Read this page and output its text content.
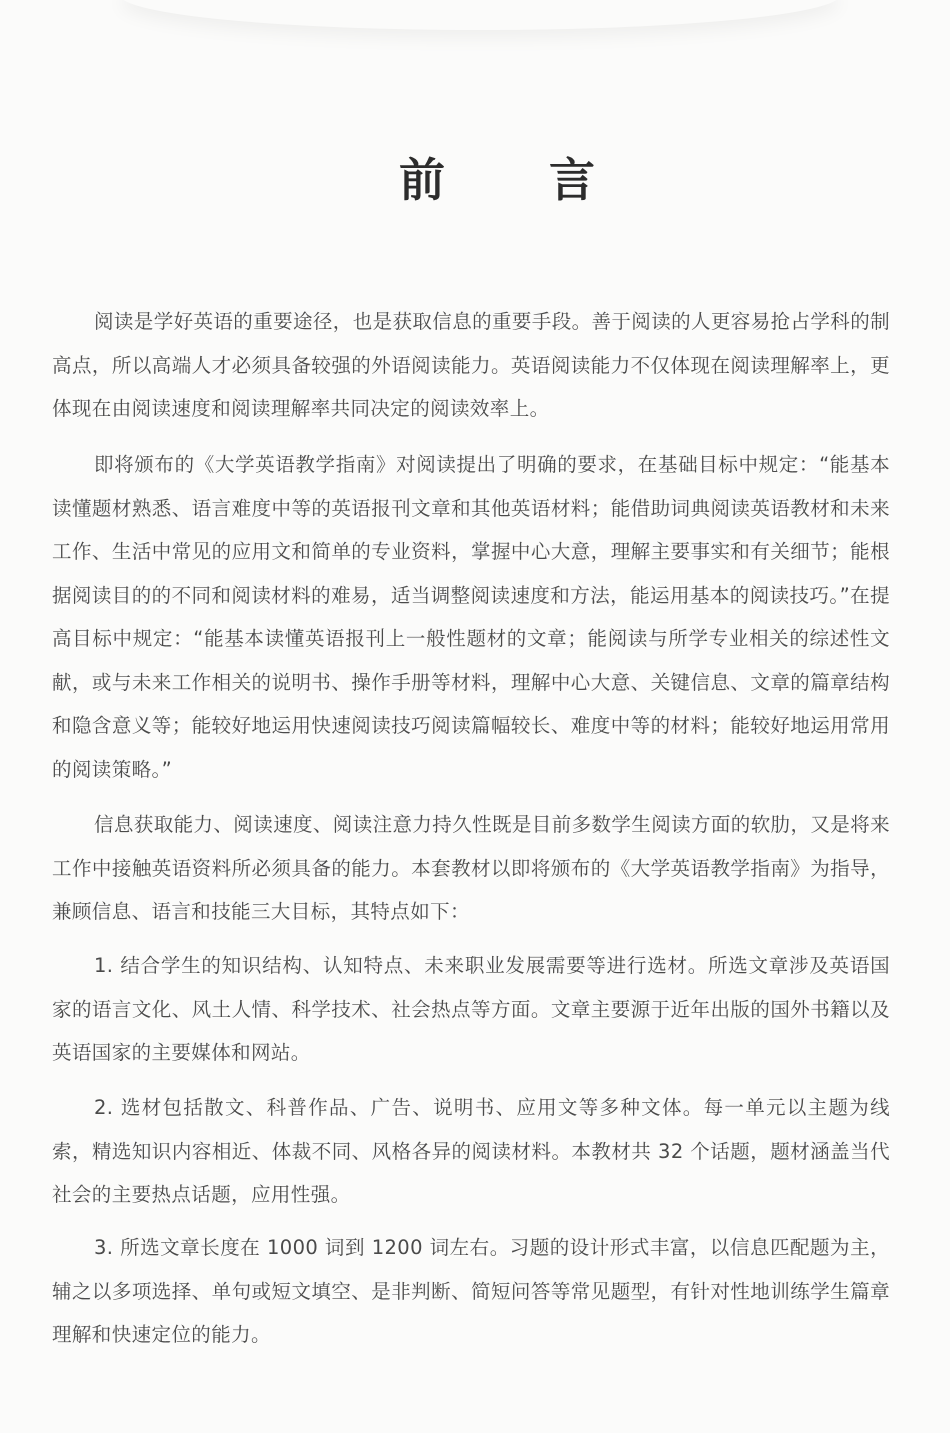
前 言

阅读是学好英语的重要途径，也是获取信息的重要手段。善于阅读的人更容易抢占学科的制高点，所以高端人才必须具备较强的外语阅读能力。英语阅读能力不仅体现在阅读理解率上，更体现在由阅读速度和阅读理解率共同决定的阅读效率上。

即将颁布的《大学英语教学指南》对阅读提出了明确的要求，在基础目标中规定：“能基本读懂题材熟悉、语言难度中等的英语报刊文章和其他英语材料；能借助词典阅读英语教材和未来工作、生活中常见的应用文和简单的专业资料，掌握中心大意，理解主要事实和有关细节；能根据阅读目的的不同和阅读材料的难易，适当调整阅读速度和方法，能运用基本的阅读技巧。”在提高目标中规定：“能基本读懂英语报刊上一般性题材的文章；能阅读与所学专业相关的综述性文献，或与未来工作相关的说明书、操作手册等材料，理解中心大意、关键信息、文章的篇章结构和隐含意义等；能较好地运用快速阅读技巧阅读篇幅较长、难度中等的材料；能较好地运用常用的阅读策略。”

信息获取能力、阅读速度、阅读注意力持久性既是目前多数学生阅读方面的软肋，又是将来工作中接触英语资料所必须具备的能力。本套教材以即将颁布的《大学英语教学指南》为指导，兼顾信息、语言和技能三大目标，其特点如下：

1. 结合学生的知识结构、认知特点、未来职业发展需要等进行选材。所选文章涉及英语国家的语言文化、风土人情、科学技术、社会热点等方面。文章主要源于近年出版的国外书籍以及英语国家的主要媒体和网站。

2. 选材包括散文、科普作品、广告、说明书、应用文等多种文体。每一单元以主题为线索，精选知识内容相近、体裁不同、风格各异的阅读材料。本教材共 32 个话题，题材涵盖当代社会的主要热点话题，应用性强。

3. 所选文章长度在 1000 词到 1200 词左右。习题的设计形式丰富，以信息匹配题为主，辅之以多项选择、单句或短文填空、是非判断、简短问答等常见题型，有针对性地训练学生篇章理解和快速定位的能力。
